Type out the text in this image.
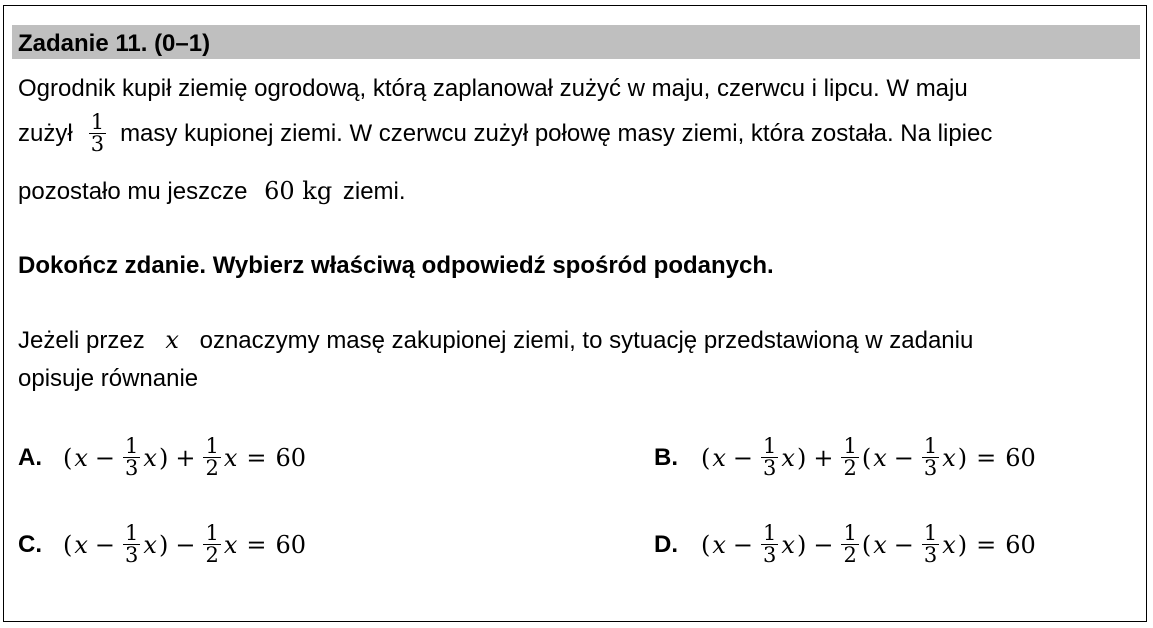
Zadanie 11. (0–1)
Ogrodnik kupił ziemię ogrodową, którą zaplanował zużyć w maju, czerwcu i lipcu. W maju
zużył $\frac{1}{3}$ masy kupionej ziemi. W czerwcu zużył połowę masy ziemi, która została. Na lipiec
pozostało mu jeszcze 60 kg ziemi.
Dokończ zdanie. Wybierz właściwą odpowiedź spośród podanych.
Jeżeli przez x oznaczymy masę zakupionej ziemi, to sytuację przedstawioną w zadaniu
opisuje równanie
A. ( $x - \frac{1}{3}$ x ) + $\frac{1}{2}$ x = 60	B. ( $x - \frac{1}{3}$ x ) + $\frac{1}{2}$ ( $x - \frac{1}{3}$ x ) = 60
C. ( $x - \frac{1}{3}$ x ) − $\frac{1}{2}$ x = 60	D. ( $x - \frac{1}{3}$ x ) − $\frac{1}{2}$ ( $x - \frac{1}{3}$ x ) = 60
